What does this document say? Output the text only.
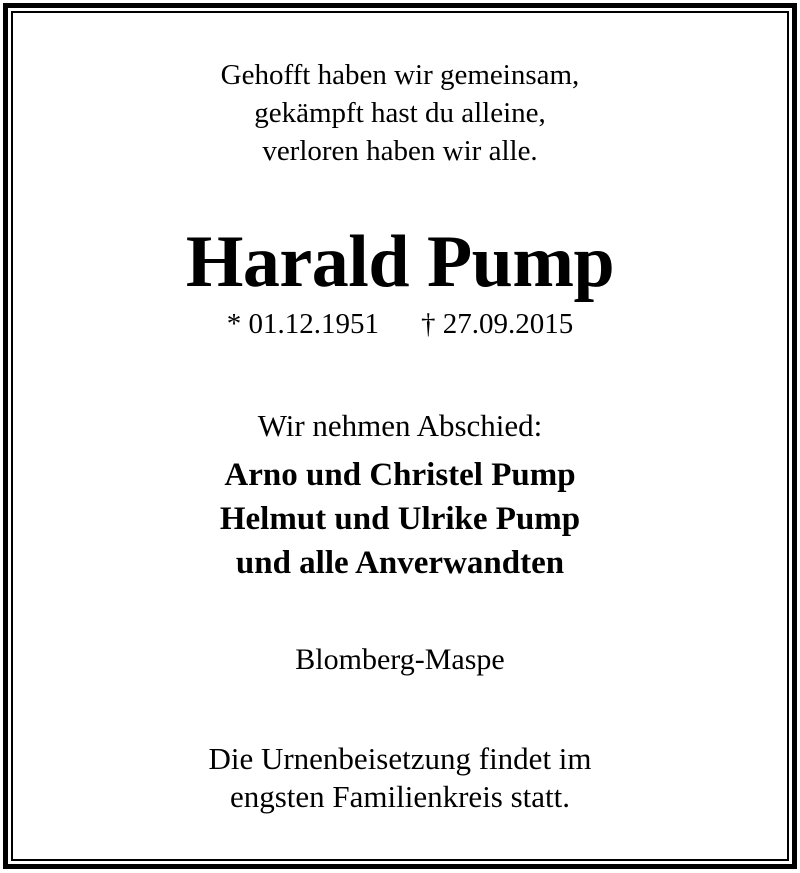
Gehofft haben wir gemeinsam,
gekämpft hast du alleine,
verloren haben wir alle.
Harald Pump
* 01.12.1951 † 27.09.2015
Wir nehmen Abschied:
Arno und Christel Pump
Helmut und Ulrike Pump
und alle Anverwandten
Blomberg-Maspe
Die Urnenbeisetzung findet im
engsten Familienkreis statt.
